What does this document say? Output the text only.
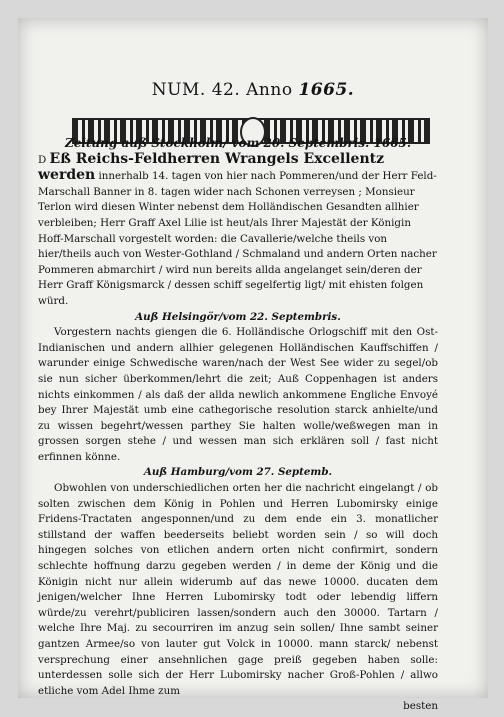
NUM. 42. Anno 1665.

Zeitung auß Stockholm/ vom 20. Septembris. 1665.

D Eß Reichs-Feldherren Wrangels Excellentz werden innerhalb 14. tagen von hier nach Pommeren/und der Herr Feld-Marschall Banner in 8. tagen wider nach Schonen verreysen ; Monsieur Terlon wird diesen Winter nebenst dem Holländischen Gesandten allhier verbleiben; Herr Graff Axel Lilie ist heut/als Ihrer Majestät der Königin Hoff-Marschall vorgestelt worden: die Cavallerie/welche theils von hier/theils auch von Wester-Gothland / Schmaland und andern Orten nacher Pommeren abmarchirt / wird nun bereits allda angelanget sein/deren der Herr Graff Königsmarck / dessen schiff segelfertig ligt/ mit ehisten folgen würd.

Auß Helsingör/vom 22. Septembris.

Vorgestern nachts giengen die 6. Holländische Orlogschiff mit den Ost-Indianischen und andern allhier gelegenen Holländischen Kauffschiffen / warunder einige Schwedische waren/nach der West See wider zu segel/ob sie nun sicher überkommen/lehrt die zeit; Auß Coppenhagen ist anders nichts einkommen / als daß der allda newlich ankommene Engliche Envoyé bey Ihrer Majestät umb eine cathegorische resolution starck anhielte/und zu wissen begehrt/wessen parthey Sie halten wolle/weßwegen man in grossen sorgen stehe / und wessen man sich erklären soll / fast nicht erfinnen könne.

Auß Hamburg/vom 27. Septemb.

Obwohlen von underschiedlichen orten her die nachricht eingelangt / ob solten zwischen dem König in Pohlen und Herren Lubomirsky einige Fridens-Tractaten angesponnen/und zu dem ende ein 3. monatlicher stillstand der waffen beederseits beliebt worden sein / so will doch hingegen solches von etlichen andern orten nicht confirmirt, sondern schlechte hoffnung darzu gegeben werden / in deme der König und die Königin nicht nur allein widerumb auf das newe 10000. ducaten dem jenigen/welcher Ihne Herren Lubomirsky todt oder lebendig liffern würde/zu verehrt/publiciren lassen/sondern auch den 30000. Tartarn / welche Ihre Maj. zu secourriren im anzug sein sollen/ Ihne sambt seiner gantzen Armee/so von lauter gut Volck in 10000. mann starck/ nebenst versprechung einer ansehnlichen gage preiß gegeben haben solle: unterdessen solle sich der Herr Lubomirsky nacher Groß-Pohlen / allwo etliche vom Adel Ihme zum

besten
